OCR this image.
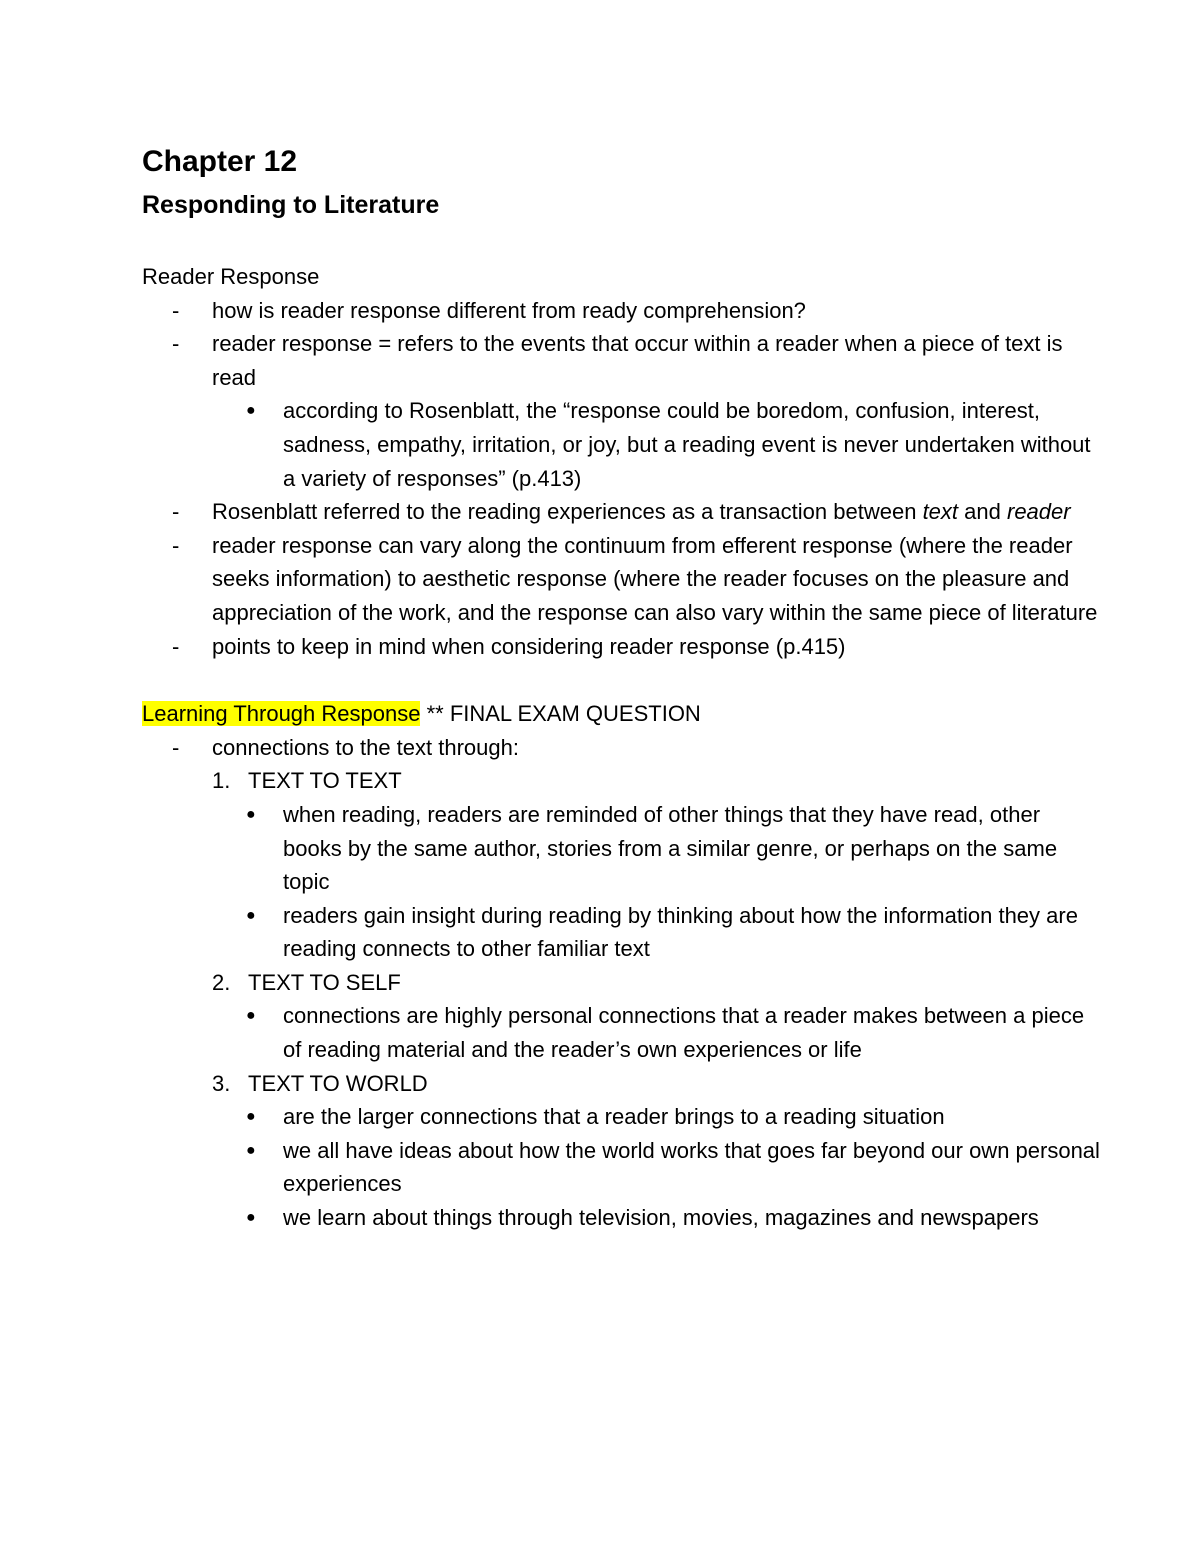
Chapter 12
Responding to Literature

Reader Response

- how is reader response different from ready comprehension?
- reader response = refers to the events that occur within a reader when a piece of text is read
● according to Rosenblatt, the “response could be boredom, confusion, interest, sadness, empathy, irritation, or joy, but a reading event is never undertaken without a variety of responses” (p.413)
- Rosenblatt referred to the reading experiences as a transaction between text and reader
- reader response can vary along the continuum from efferent response (where the reader seeks information) to aesthetic response (where the reader focuses on the pleasure and appreciation of the work, and the response can also vary within the same piece of literature
- points to keep in mind when considering reader response (p.415)

Learning Through Response ** FINAL EXAM QUESTION

- connections to the text through:
1. TEXT TO TEXT
● when reading, readers are reminded of other things that they have read, other books by the same author, stories from a similar genre, or perhaps on the same topic
● readers gain insight during reading by thinking about how the information they are reading connects to other familiar text
2. TEXT TO SELF
● connections are highly personal connections that a reader makes between a piece of reading material and the reader’s own experiences or life
3. TEXT TO WORLD
● are the larger connections that a reader brings to a reading situation
● we all have ideas about how the world works that goes far beyond our own personal experiences
● we learn about things through television, movies, magazines and newspapers
